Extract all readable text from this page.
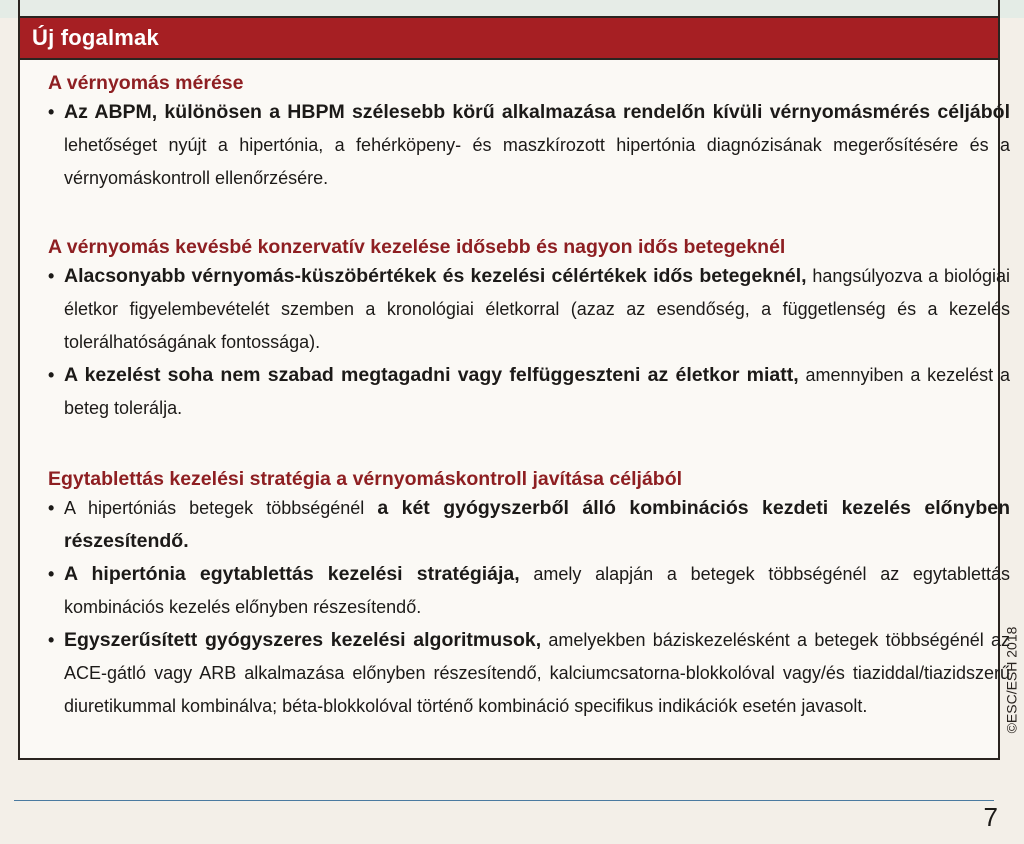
Új fogalmak
A vérnyomás mérése
• Az ABPM, különösen a HBPM szélesebb körű alkalmazása rendelőn kívüli vérnyomásmérés céljából lehetőséget nyújt a hipertónia, a fehérköpeny- és maszkírozott hipertónia diagnózisának megerősítésére és a vérnyomáskontroll ellenőrzésére.
A vérnyomás kevésbé konzervatív kezelése idősebb és nagyon idős betegeknél
• Alacsonyabb vérnyomás-küszöbértékek és kezelési célértékek idős betegeknél, hangsúlyozva a biológiai életkor figyelembevételét szemben a kronológiai életkorral (azaz az esendőség, a függetlenség és a kezelés tolerálhatóságának fontossága).
• A kezelést soha nem szabad megtagadni vagy felfüggeszteni az életkor miatt, amennyiben a kezelést a beteg tolerálja.
Egytablettás kezelési stratégia a vérnyomáskontroll javítása céljából
• A hipertóniás betegek többségénél a két gyógyszerből álló kombinációs kezdeti kezelés előnyben részesítendő.
• A hipertónia egytablettás kezelési stratégiája, amely alapján a betegek többségénél az egytablettás kombinációs kezelés előnyben részesítendő.
• Egyszerűsített gyógyszeres kezelési algoritmusok, amelyekben báziskezelésként a betegek többségénél az ACE-gátló vagy ARB alkalmazása előnyben részesítendő, kalciumcsatorna-blokkolóval vagy/és tiaziddal/tiazidszerű diuretikummal kombinálva; béta-blokkolóval történő kombináció specifikus indikációk esetén javasolt.	©ESC/ESH 2018
7
